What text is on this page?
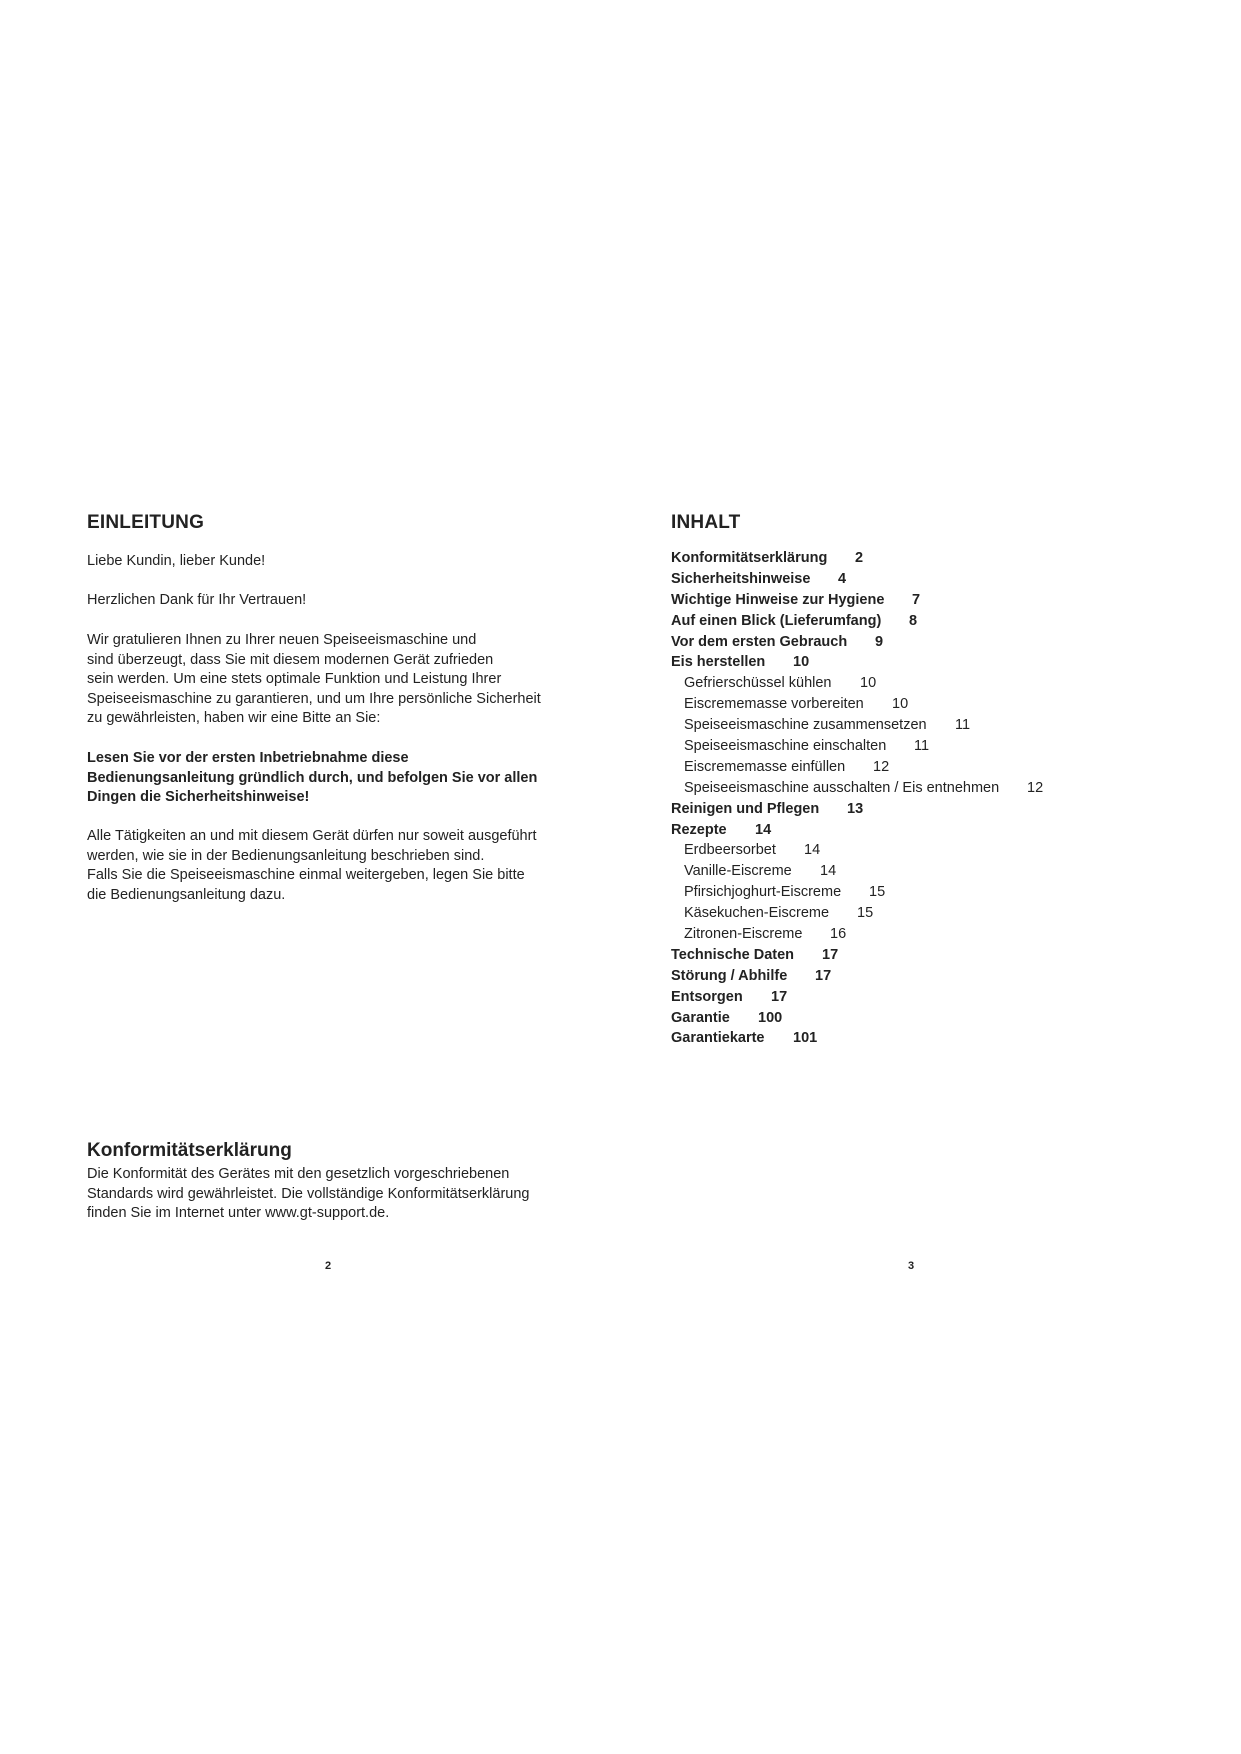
EINLEITUNG

Liebe Kundin, lieber Kunde!

Herzlichen Dank für Ihr Vertrauen!

Wir gratulieren Ihnen zu Ihrer neuen Speiseeismaschine und
sind überzeugt, dass Sie mit diesem modernen Gerät zufrieden
sein werden. Um eine stets optimale Funktion und Leistung Ihrer
Speiseeismaschine zu garantieren, und um Ihre persönliche Sicherheit
zu gewährleisten, haben wir eine Bitte an Sie:

Lesen Sie vor der ersten Inbetriebnahme diese
Bedienungsanleitung gründlich durch, und befolgen Sie vor allen
Dingen die Sicherheitshinweise!

Alle Tätigkeiten an und mit diesem Gerät dürfen nur soweit ausgeführt
werden, wie sie in der Bedienungsanleitung beschrieben sind.
Falls Sie die Speiseeismaschine einmal weitergeben, legen Sie bitte
die Bedienungsanleitung dazu.

Konformitätserklärung

Die Konformität des Gerätes mit den gesetzlich vorgeschriebenen
Standards wird gewährleistet. Die vollständige Konformitätserklärung
finden Sie im Internet unter www.gt-support.de.

2
INHALT
Konformitätserklärung 2
Sicherheitshinweise 4
Wichtige Hinweise zur Hygiene 7
Auf einen Blick (Lieferumfang) 8
Vor dem ersten Gebrauch 9
Eis herstellen 10
Gefrierschüssel kühlen 10
Eiscrememasse vorbereiten 10
Speiseeismaschine zusammensetzen 11
Speiseeismaschine einschalten 11
Eiscrememasse einfüllen 12
Speiseeismaschine ausschalten / Eis entnehmen 12
Reinigen und Pflegen 13
Rezepte 14
Erdbeersorbet 14
Vanille-Eiscreme 14
Pfirsichjoghurt-Eiscreme 15
Käsekuchen-Eiscreme 15
Zitronen-Eiscreme 16
Technische Daten 17
Störung / Abhilfe 17
Entsorgen 17
Garantie 100
Garantiekarte 101
3
